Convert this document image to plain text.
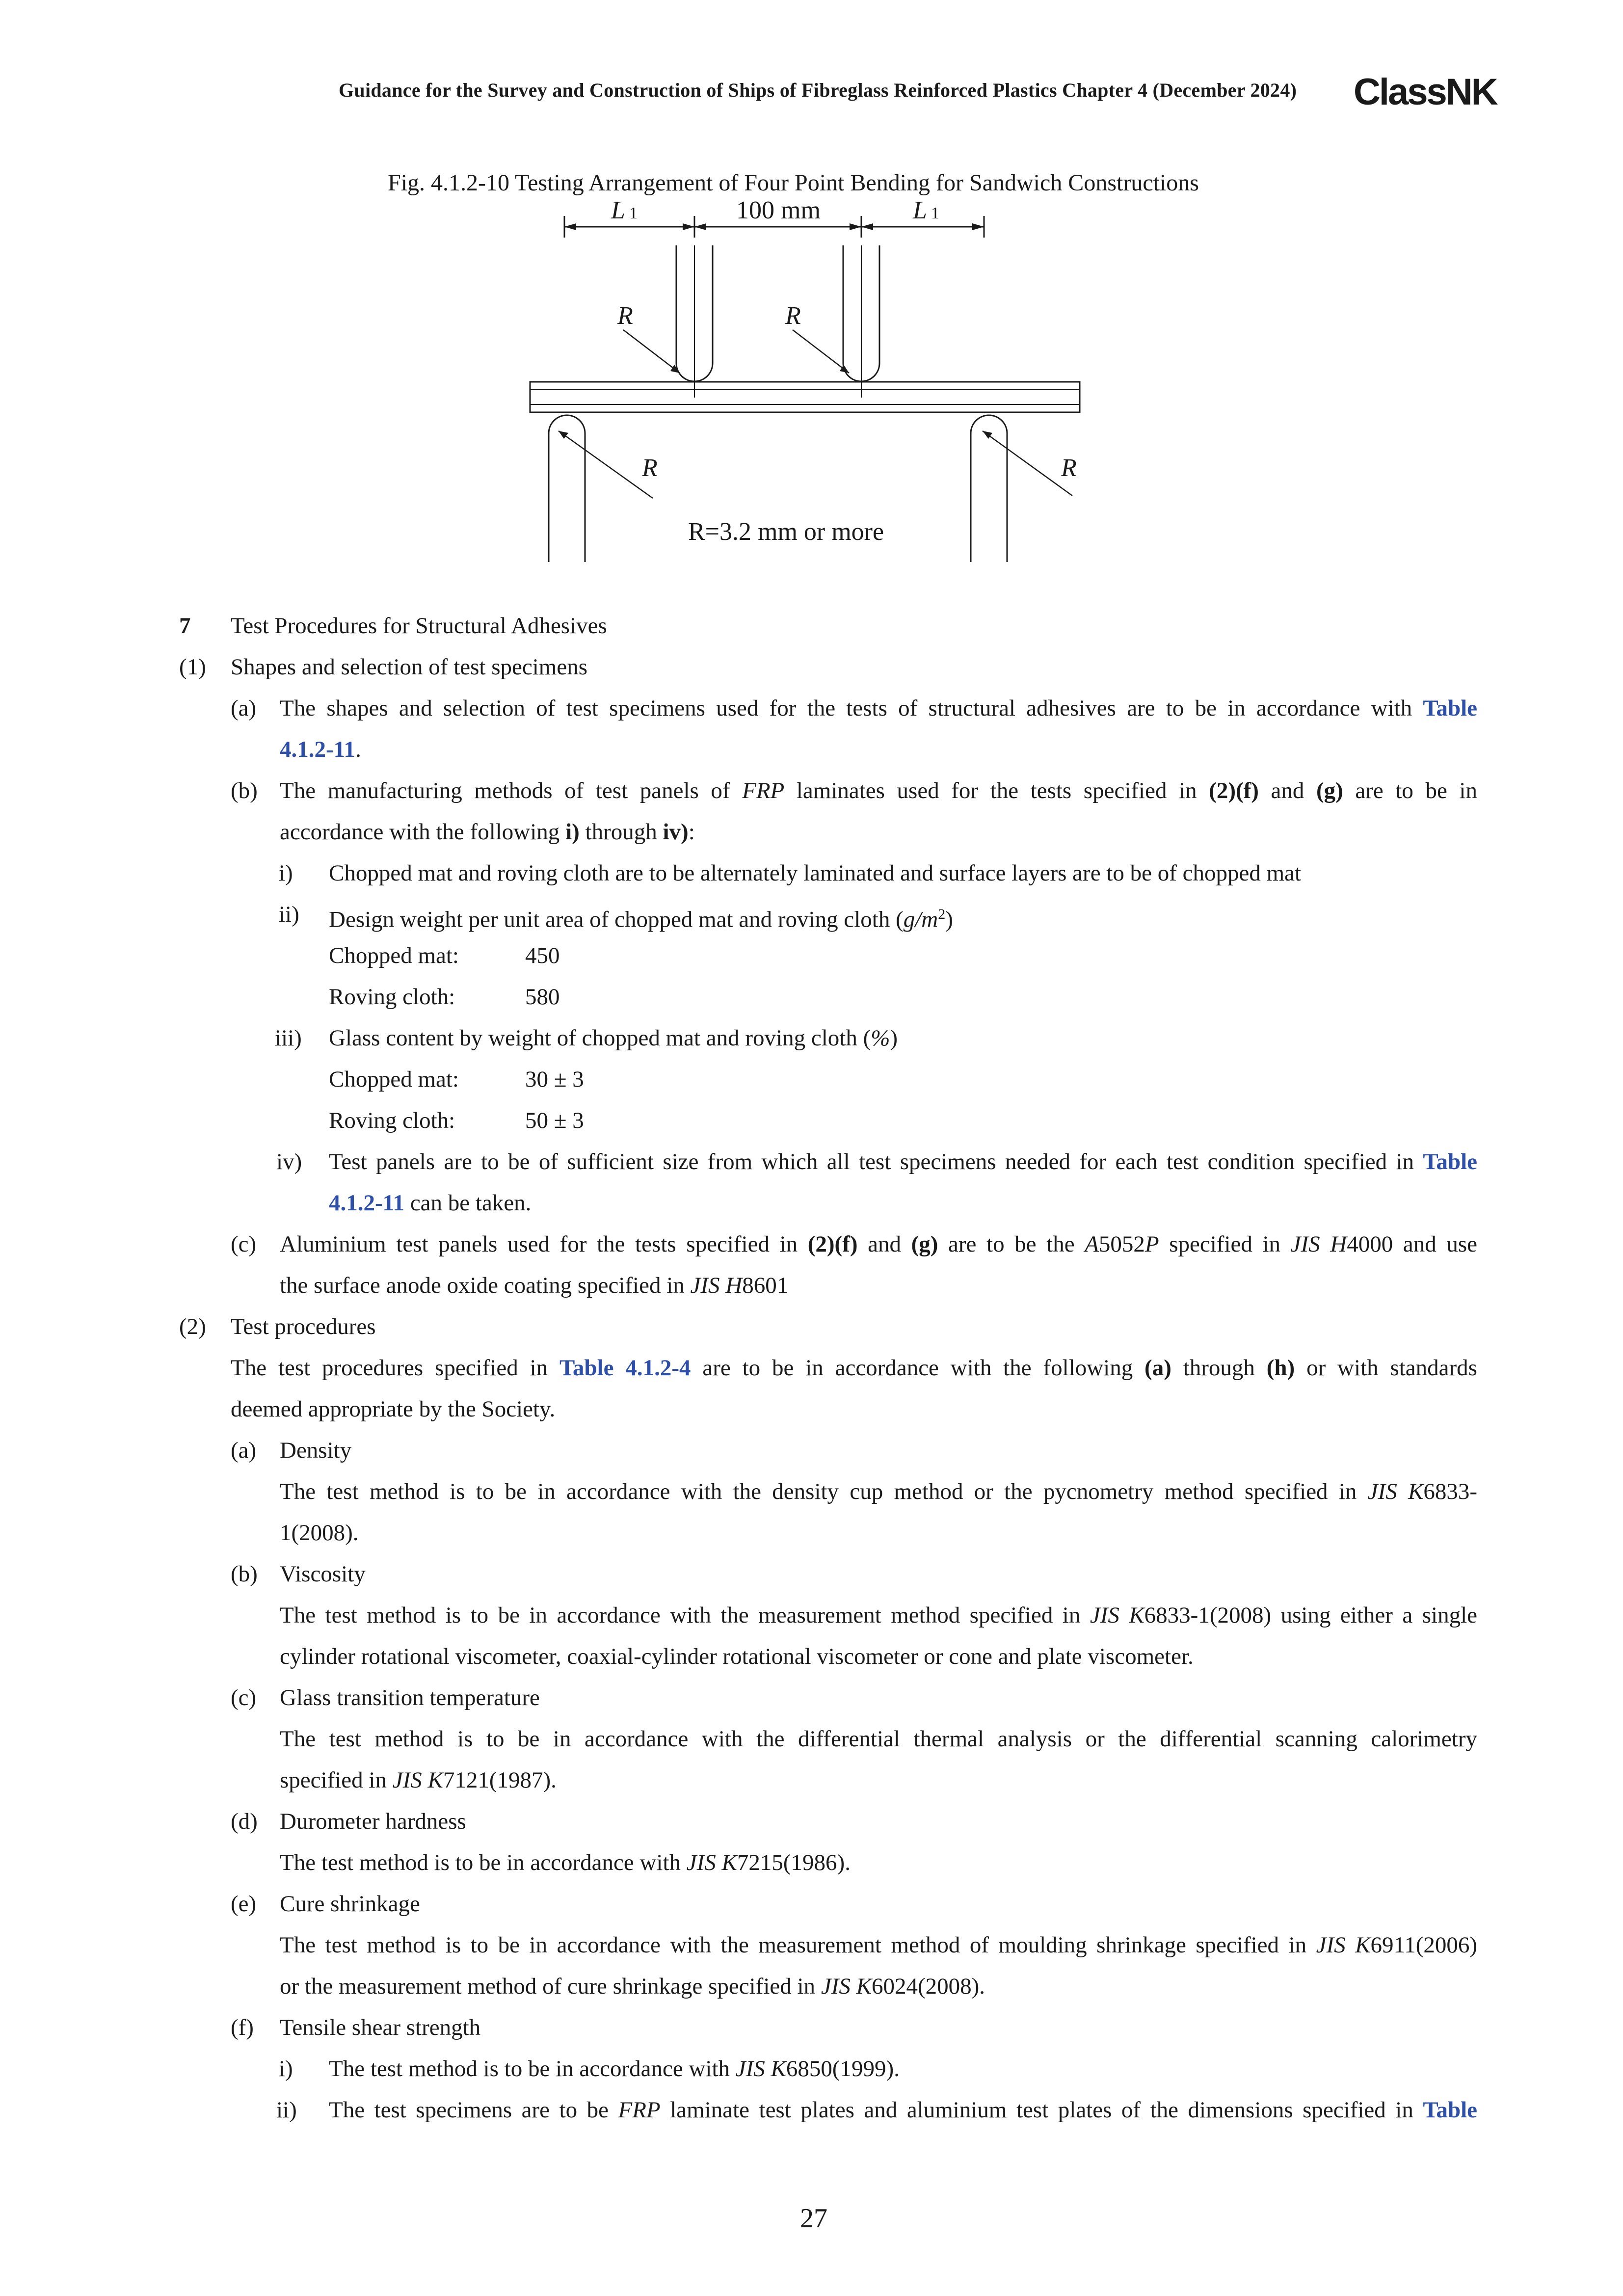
Guidance for the Survey and Construction of Ships of Fibreglass Reinforced Plastics Chapter 4 (December 2024) ClassNK
Fig. 4.1.2-10 Testing Arrangement of Four Point Bending for Sandwich Constructions
L 1	100 mm	L 1
R	R
R	R
R=3.2 mm or more
7 Test Procedures for Structural Adhesives
(1) Shapes and selection of test specimens
(a) The shapes and selection of test specimens used for the tests of structural adhesives are to be in accordance with Table
4.1.2-11.
(b) The manufacturing methods of test panels of FRP laminates used for the tests specified in (2)(f) and (g) are to be in
accordance with the following i) through iv):
i) Chopped mat and roving cloth are to be alternately laminated and surface layers are to be of chopped mat
ii) Design weight per unit area of chopped mat and roving cloth $(g/m^2)$
Chopped mat:	450
Roving cloth:	580
iii) Glass content by weight of chopped mat and roving cloth (%)
Chopped mat:	30 ± 3
Roving cloth:	50 ± 3
iv) Test panels are to be of sufficient size from which all test specimens needed for each test condition specified in Table
4.1.2-11 can be taken.
(c) Aluminium test panels used for the tests specified in (2)(f) and (g) are to be the A5052P specified in JIS H4000 and use
the surface anode oxide coating specified in JIS H8601
(2) Test procedures
The test procedures specified in Table 4.1.2-4 are to be in accordance with the following (a) through (h) or with standards
deemed appropriate by the Society.
(a) Density
The test method is to be in accordance with the density cup method or the pycnometry method specified in JIS K6833-
1(2008).
(b) Viscosity
The test method is to be in accordance with the measurement method specified in JIS K6833-1(2008) using either a single
cylinder rotational viscometer, coaxial-cylinder rotational viscometer or cone and plate viscometer.
(c) Glass transition temperature
The test method is to be in accordance with the differential thermal analysis or the differential scanning calorimetry
specified in JIS K7121(1987).
(d) Durometer hardness
The test method is to be in accordance with JIS K7215(1986).
(e) Cure shrinkage
The test method is to be in accordance with the measurement method of moulding shrinkage specified in JIS K6911(2006)
or the measurement method of cure shrinkage specified in JIS K6024(2008).
(f) Tensile shear strength
i) The test method is to be in accordance with JIS K6850(1999).
ii) The test specimens are to be FRP laminate test plates and aluminium test plates of the dimensions specified in Table
27
